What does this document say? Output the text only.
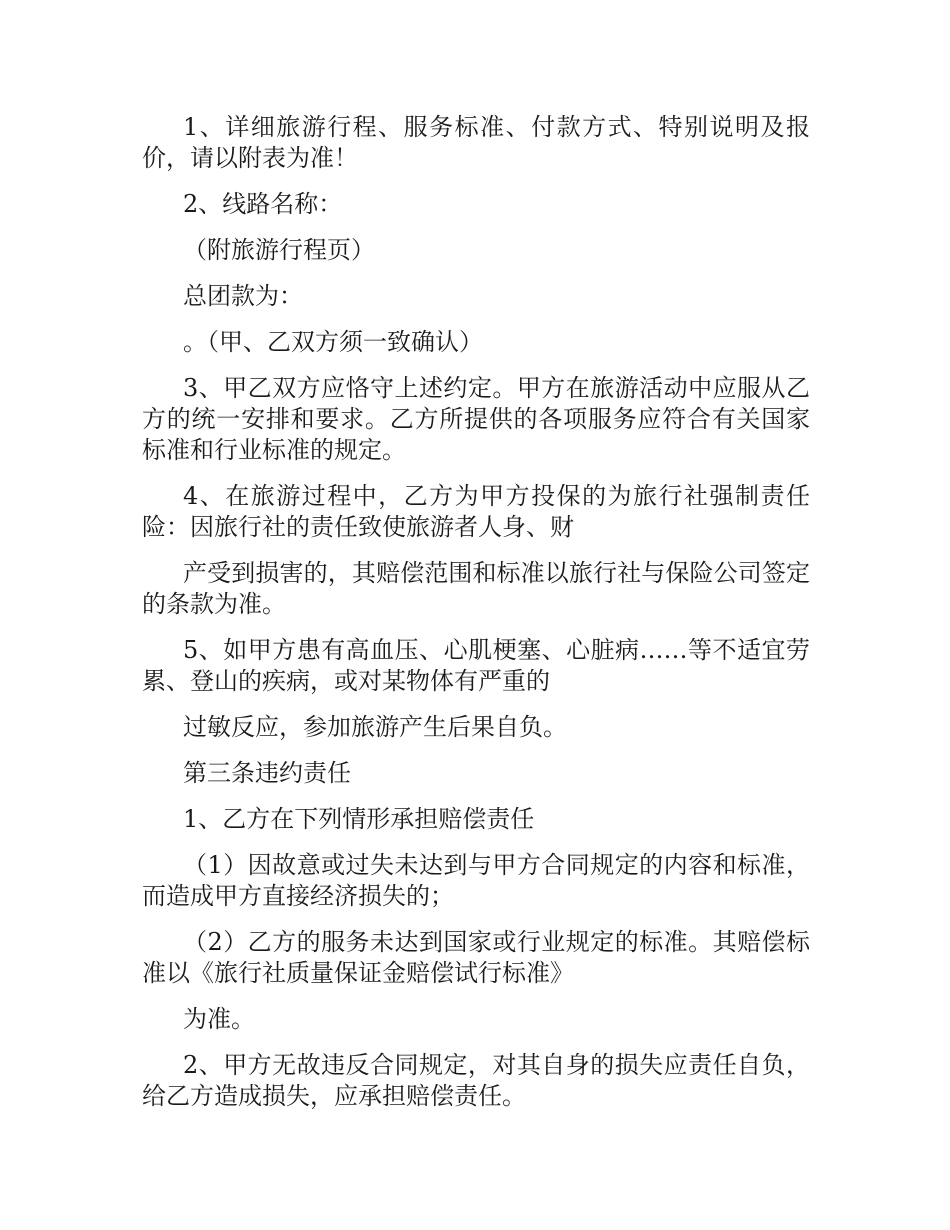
1、详细旅游行程、服务标准、付款方式、特别说明及报价，请以附表为准！

2、线路名称：

（附旅游行程页）

总团款为：

。（甲、乙双方须一致确认）

3、甲乙双方应恪守上述约定。甲方在旅游活动中应服从乙方的统一安排和要求。乙方所提供的各项服务应符合有关国家标准和行业标准的规定。

4、在旅游过程中，乙方为甲方投保的为旅行社强制责任险：因旅行社的责任致使旅游者人身、财

产受到损害的，其赔偿范围和标准以旅行社与保险公司签定的条款为准。

5、如甲方患有高血压、心肌梗塞、心脏病……等不适宜劳累、登山的疾病，或对某物体有严重的

过敏反应，参加旅游产生后果自负。

第三条违约责任

1、乙方在下列情形承担赔偿责任

（1）因故意或过失未达到与甲方合同规定的内容和标准，而造成甲方直接经济损失的；

（2）乙方的服务未达到国家或行业规定的标准。其赔偿标准以《旅行社质量保证金赔偿试行标准》

为准。

2、甲方无故违反合同规定，对其自身的损失应责任自负，给乙方造成损失，应承担赔偿责任。
